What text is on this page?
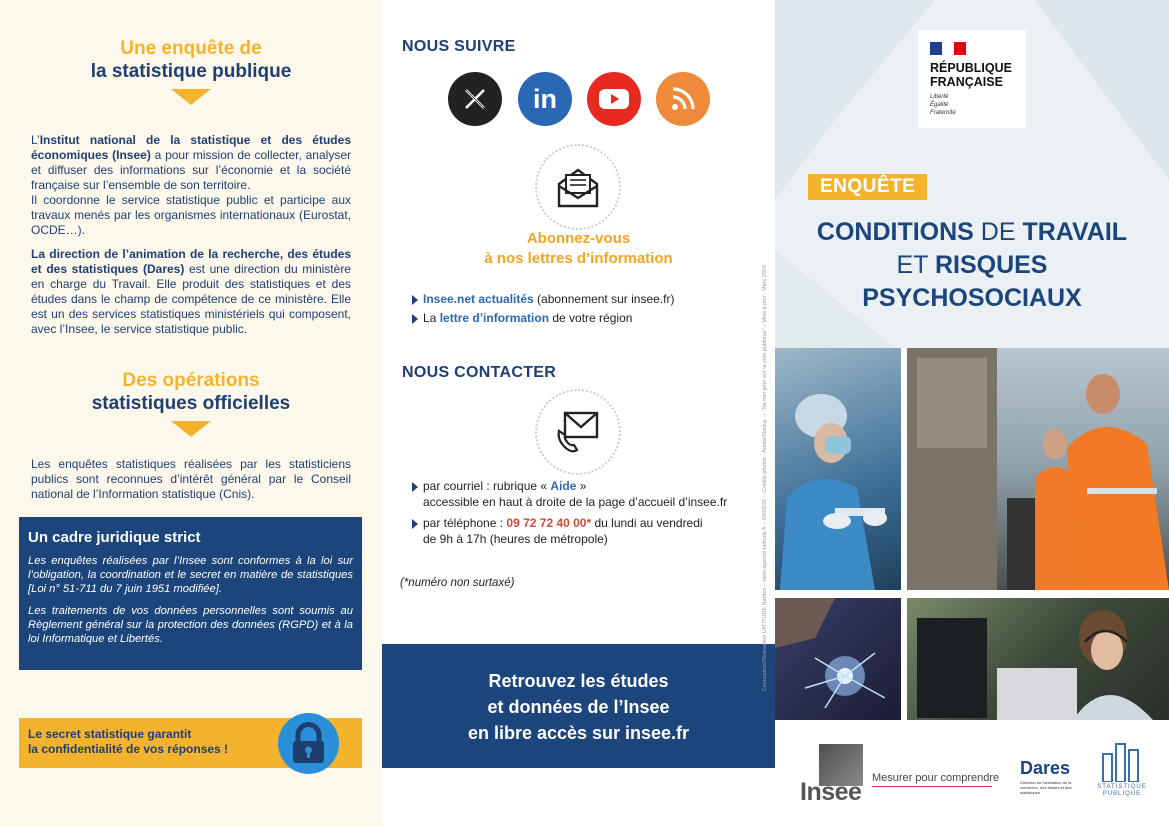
Une enquête de
la statistique publique
L’Institut national de la statistique et des études économiques (Insee) a pour mission de collecter, analyser et diffuser des informations sur l’économie et la société française sur l’ensemble de son territoire.
Il coordonne le service statistique public et participe aux travaux menés par les organismes internationaux (Eurostat, OCDE…).
La direction de l’animation de la recherche, des études et des statistiques (Dares) est une direction du ministère en charge du Travail. Elle produit des statistiques et des études dans le champ de compétence de ce ministère. Elle est un des services statistiques ministériels qui composent, avec l’Insee, le service statistique public.
Des opérations
statistiques officielles
Les enquêtes statistiques réalisées par les statisticiens publics sont reconnues d’intérêt général par le Conseil national de l’Information statistique (Cnis).
Un cadre juridique strict
Les enquêtes réalisées par l’Insee sont conformes à la loi sur l’obligation, la coordination et le secret en matière de statistiques [Loi n° 51-711 du 7 juin 1951 modifiée].
Les traitements de vos données personnelles sont soumis au Règlement général sur la protection des données (RGPD) et à la loi Informatique et Libertés.
Le secret statistique garantit
la confidentialité de vos réponses !
NOUS SUIVRE
in
Abonnez-vous
à nos lettres d’information
Insee.net actualités (abonnement sur insee.fr)
La lettre d’information de votre région
NOUS CONTACTER
par courriel : rubrique « Aide »
accessible en haut à droite de la page d’accueil d’insee.fr
par téléphone : 09 72 72 40 00* du lundi au vendredi
de 9h à 17h (heures de métropole)
(*numéro non surtaxé)
Retrouvez les études
et données de l’Insee
en libre accès sur insee.fr
Conception/Réalisation LATITUDE Nantes – www.agence-latitude.fr – 03/03/25 – Crédits photos : AdobeStock® – “Ne rien jeter sur la voie publique” – Mise à jour : Mars 2024
RÉPUBLIQUE
FRANÇAISE
Liberté
Égalité
Fraternité
ENQUÊTE
CONDITIONS DE TRAVAIL
ET RISQUES
PSYCHOSOCIAUX
Insee Mesurer pour comprendre Dares
Direction de l’animation de la recherche, des études et des statistiques
STATISTIQUE PUBLIQUE
